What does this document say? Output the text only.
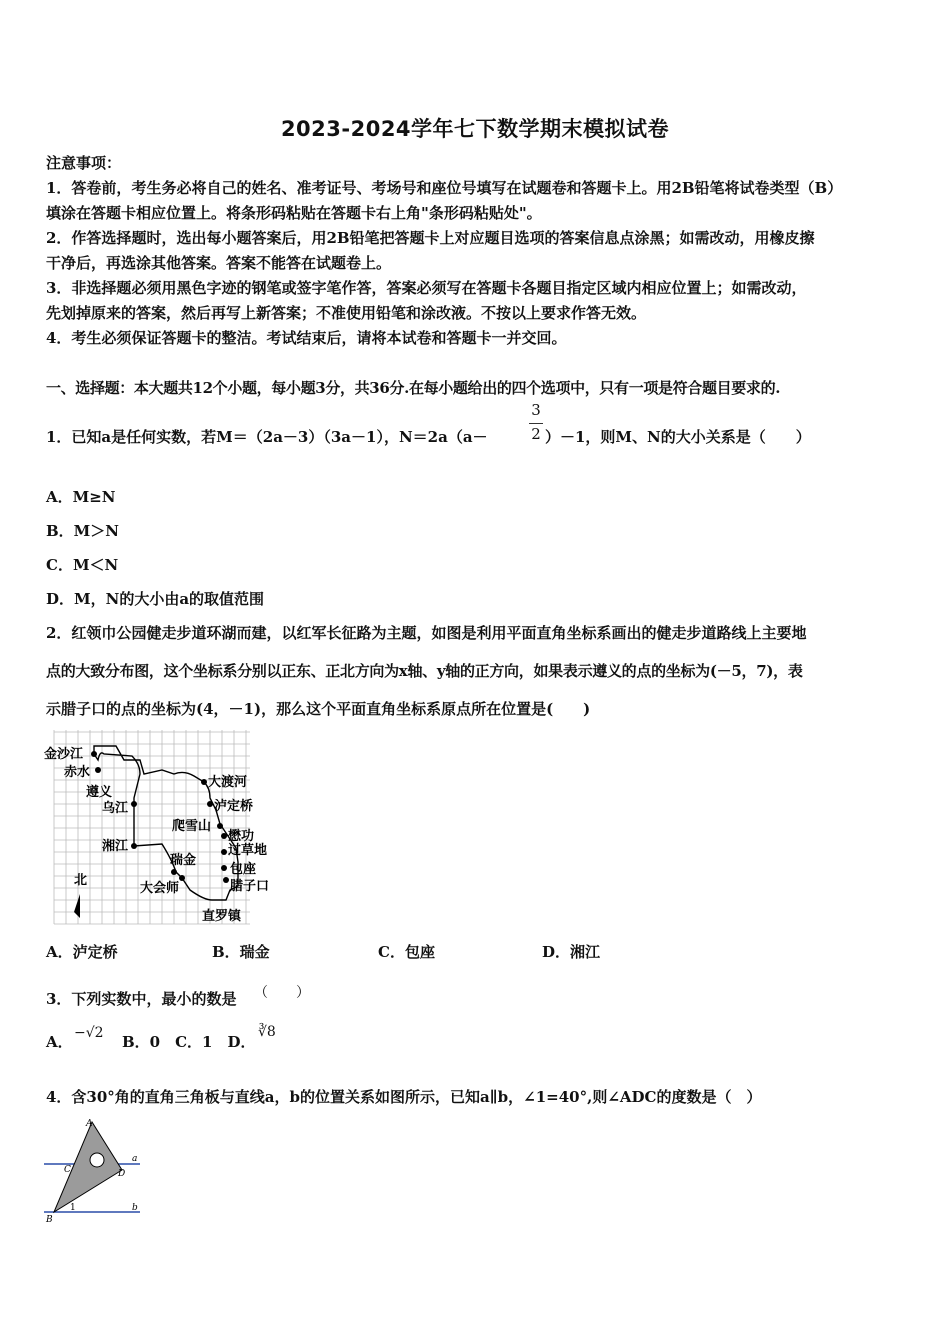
2023-2024学年七下数学期末模拟试卷
注意事项：
1．答卷前，考生务必将自己的姓名、准考证号、考场号和座位号填写在试题卷和答题卡上。用2B铅笔将试卷类型（B）
填涂在答题卡相应位置上。将条形码粘贴在答题卡右上角"条形码粘贴处"。
2．作答选择题时，选出每小题答案后，用2B铅笔把答题卡上对应题目选项的答案信息点涂黑；如需改动，用橡皮擦
干净后，再选涂其他答案。答案不能答在试题卷上。
3．非选择题必须用黑色字迹的钢笔或签字笔作答，答案必须写在答题卡各题目指定区域内相应位置上；如需改动，
先划掉原来的答案，然后再写上新答案；不准使用铅笔和涂改液。不按以上要求作答无效。
4．考生必须保证答题卡的整洁。考试结束后，请将本试卷和答题卡一并交回。
一、选择题：本大题共12个小题，每小题3分，共36分.在每小题给出的四个选项中，只有一项是符合题目要求的.
1．已知a是任何实数，若M＝（2a－3）（3a－1），N＝2a（a－
3
2 ）－1，则M、N的大小关系是（　　）
A．M≥N
B．M＞N
C．M＜N
D．M，N的大小由a的取值范围
2．红领巾公园健走步道环湖而建，以红军长征路为主题，如图是利用平面直角坐标系画出的健走步道路线上主要地
点的大致分布图，这个坐标系分别以正东、正北方向为x轴、y轴的正方向，如果表示遵义的点的坐标为(－5，7)，表
示腊子口的点的坐标为(4，－1)，那么这个平面直角坐标系原点所在位置是(　　)
金沙江
赤水
遵义
乌江
湘江
瑞金
大会师
大渡河
泸定桥
爬雪山
懋功
过草地
包座
腊子口
直罗镇
北
A．泸定桥	B．瑞金	C．包座	D．湘江
3．下列实数中，最小的数是 （　　）
A． −√2 B．0　C．1　D．
∛8
4．含30°角的直角三角板与直线a，b的位置关系如图所示，已知a∥b，∠1=40°,则∠ADC的度数是（　）
A
B
C	D
a
b
1
